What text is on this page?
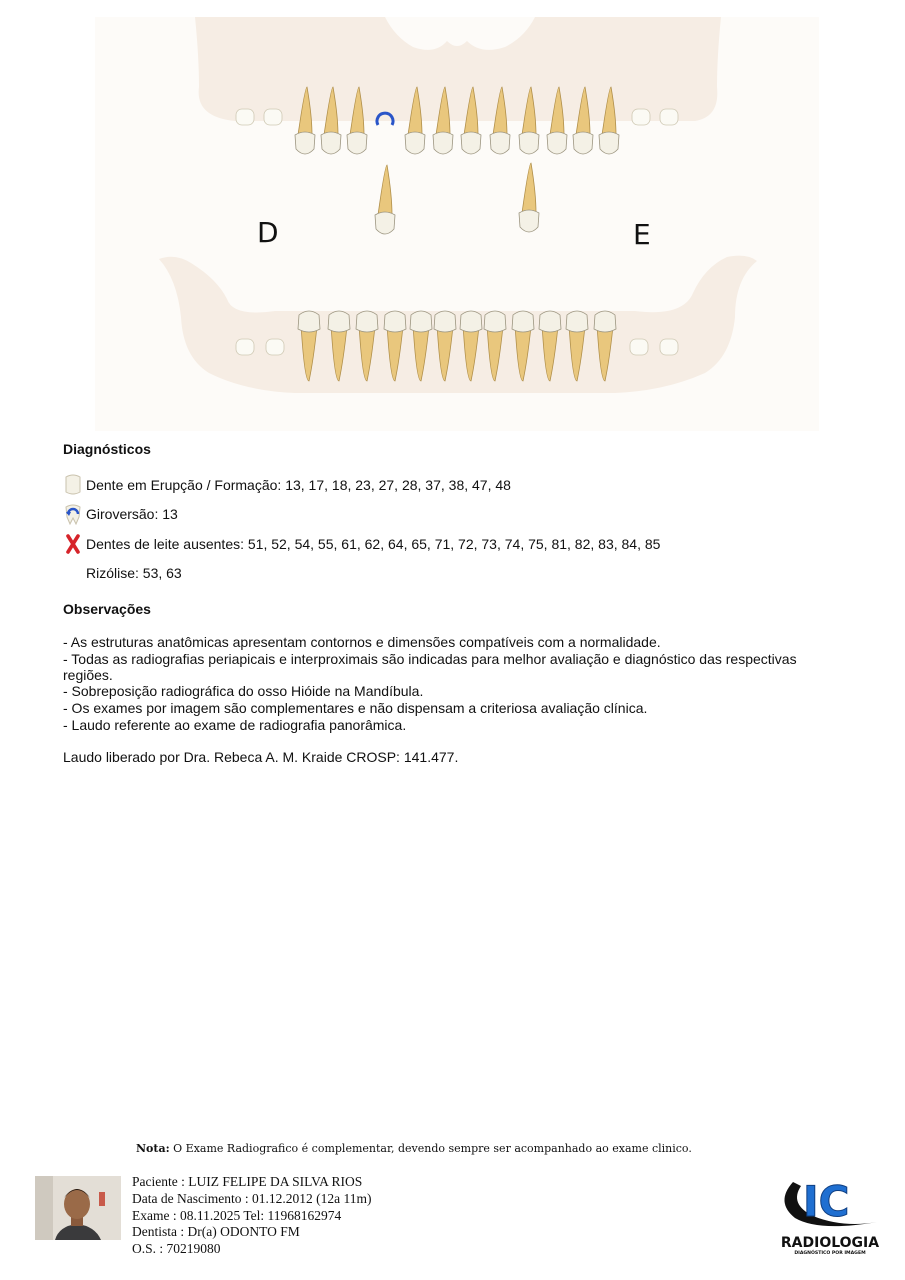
D	E
Diagnósticos
Dente em Erupção / Formação: 13, 17, 18, 23, 27, 28, 37, 38, 47, 48
Giroversão: 13
Dentes de leite ausentes: 51, 52, 54, 55, 61, 62, 64, 65, 71, 72, 73, 74, 75, 81, 82, 83, 84, 85
Rizólise: 53, 63
Observações
- As estruturas anatômicas apresentam contornos e dimensões compatíveis com a normalidade.
- Todas as radiografias periapicais e interproximais são indicadas para melhor avaliação e diagnóstico das respectivas
regiões.
- Sobreposição radiográfica do osso Hióide na Mandíbula.
- Os exames por imagem são complementares e não dispensam a criteriosa avaliação clínica.
- Laudo referente ao exame de radiografia panorâmica.
Laudo liberado por Dra. Rebeca A. M. Kraide CROSP: 141.477.
Nota: O Exame Radiografico é complementar, devendo sempre ser acompanhado ao exame clinico.
Paciente : LUIZ FELIPE DA SILVA RIOS
Data de Nascimento : 01.12.2012 (12a 11m)
Exame : 08.11.2025 Tel: 11968162974
Dentista : Dr(a) ODONTO FM
O.S. : 70219080
IC
RADIOLOGIA
DIAGNÓSTICO POR IMAGEM
